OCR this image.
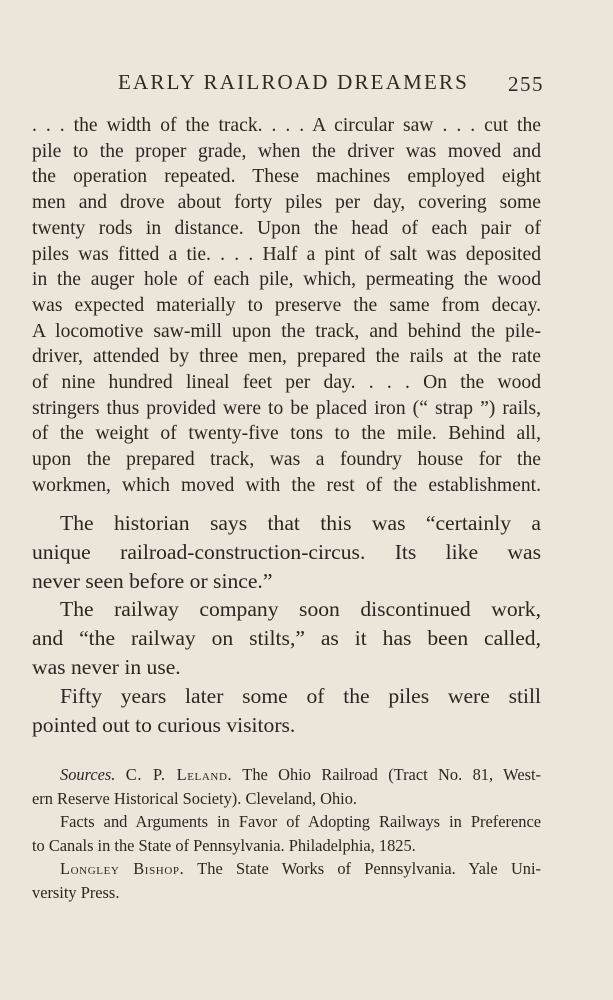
EARLY RAILROAD DREAMERS 255
. . . the width of the track. . . . A circular saw . . . cut the
pile to the proper grade, when the driver was moved and
the operation repeated. These machines employed eight
men and drove about forty piles per day, covering some
twenty rods in distance. Upon the head of each pair of
piles was fitted a tie. . . . Half a pint of salt was deposited
in the auger hole of each pile, which, permeating the wood
was expected materially to preserve the same from decay.
A locomotive saw-mill upon the track, and behind the pile-
driver, attended by three men, prepared the rails at the rate
of nine hundred lineal feet per day. . . . On the wood
stringers thus provided were to be placed iron (“ strap ”) rails,
of the weight of twenty-five tons to the mile. Behind all,
upon the prepared track, was a foundry house for the
workmen, which moved with the rest of the establishment.
The historian says that this was “certainly a
unique railroad-construction-circus. Its like was
never seen before or since.”
The railway company soon discontinued work,
and “the railway on stilts,” as it has been called,
was never in use.
Fifty years later some of the piles were still
pointed out to curious visitors.
Sources. C. P. Leland. The Ohio Railroad (Tract No. 81, West-
ern Reserve Historical Society). Cleveland, Ohio.
Facts and Arguments in Favor of Adopting Railways in Preference
to Canals in the State of Pennsylvania. Philadelphia, 1825.
Longley Bishop. The State Works of Pennsylvania. Yale Uni-
versity Press.
